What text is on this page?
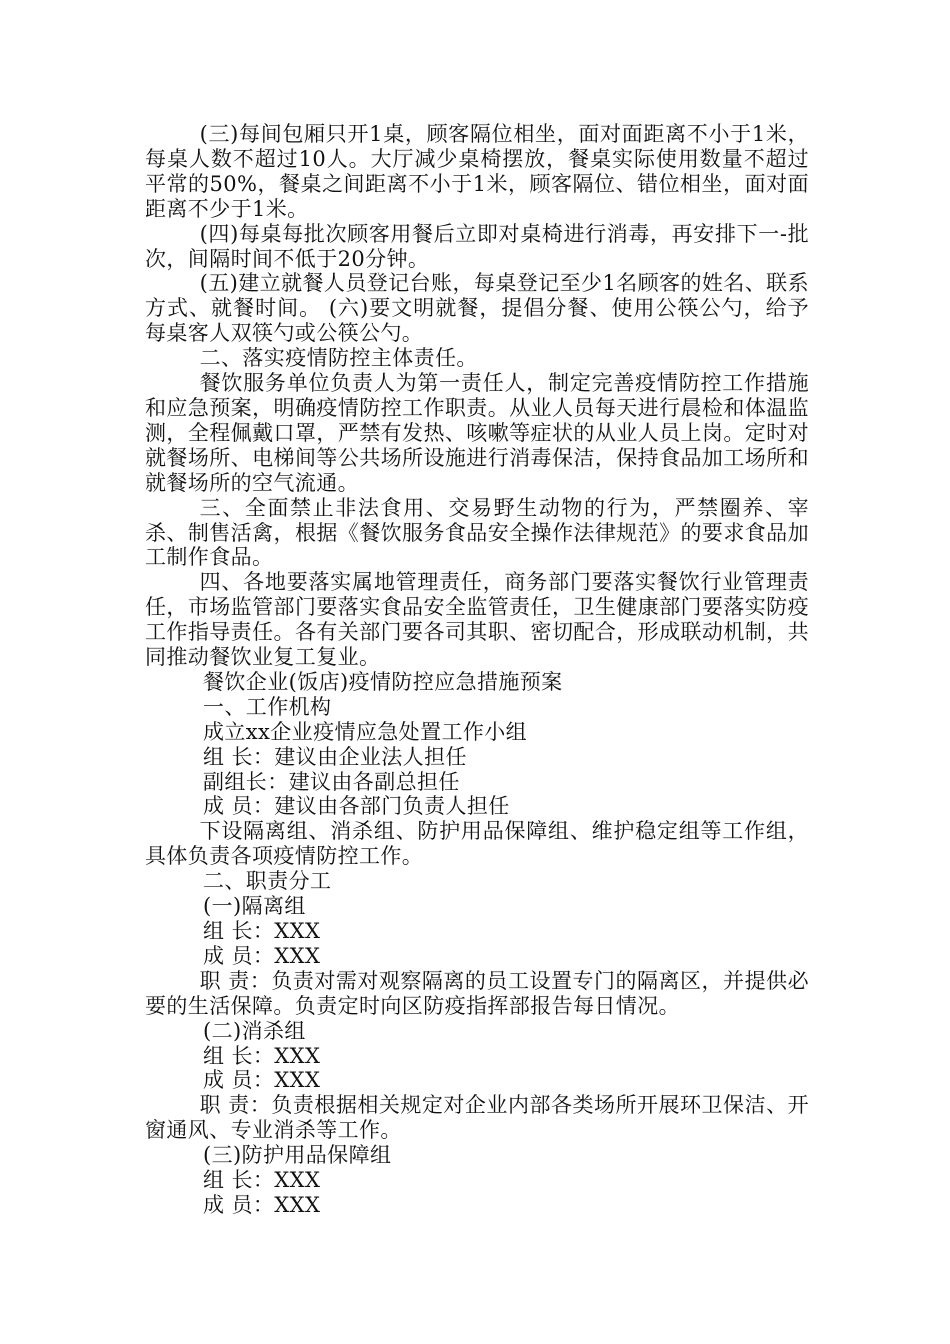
(三)每间包厢只开1桌，顾客隔位相坐，面对面距离不小于1米，每桌人数不超过10人。大厅减少桌椅摆放，餐桌实际使用数量不超过平常的50%，餐桌之间距离不小于1米，顾客隔位、错位相坐，面对面距离不少于1米。

(四)每桌每批次顾客用餐后立即对桌椅进行消毒，再安排下一-批次，间隔时间不低于20分钟。

(五)建立就餐人员登记台账，每桌登记至少1名顾客的姓名、联系方式、就餐时间。 (六)要文明就餐，提倡分餐、使用公筷公勺，给予每桌客人双筷勺或公筷公勺。

二、落实疫情防控主体责任。

餐饮服务单位负责人为第一责任人，制定完善疫情防控工作措施和应急预案，明确疫情防控工作职责。从业人员每天进行晨检和体温监测，全程佩戴口罩，严禁有发热、咳嗽等症状的从业人员上岗。定时对就餐场所、电梯间等公共场所设施进行消毒保洁，保持食品加工场所和就餐场所的空气流通。

三、全面禁止非法食用、交易野生动物的行为，严禁圈养、宰杀、制售活禽，根据《餐饮服务食品安全操作法律规范》的要求食品加工制作食品。

四、各地要落实属地管理责任，商务部门要落实餐饮行业管理责任，市场监管部门要落实食品安全监管责任，卫生健康部门要落实防疫工作指导责任。各有关部门要各司其职、密切配合，形成联动机制，共同推动餐饮业复工复业。

餐饮企业(饭店)疫情防控应急措施预案

一、工作机构

成立xx企业疫情应急处置工作小组

组 长：建议由企业法人担任

副组长：建议由各副总担任

成 员：建议由各部门负责人担任

下设隔离组、消杀组、防护用品保障组、维护稳定组等工作组，具体负责各项疫情防控工作。

二、职责分工

(一)隔离组

组 长：XXX

成 员：XXX

职 责：负责对需对观察隔离的员工设置专门的隔离区，并提供必要的生活保障。负责定时向区防疫指挥部报告每日情况。

(二)消杀组

组 长：XXX

成 员：XXX

职 责：负责根据相关规定对企业内部各类场所开展环卫保洁、开窗通风、专业消杀等工作。

(三)防护用品保障组

组 长：XXX

成 员：XXX
